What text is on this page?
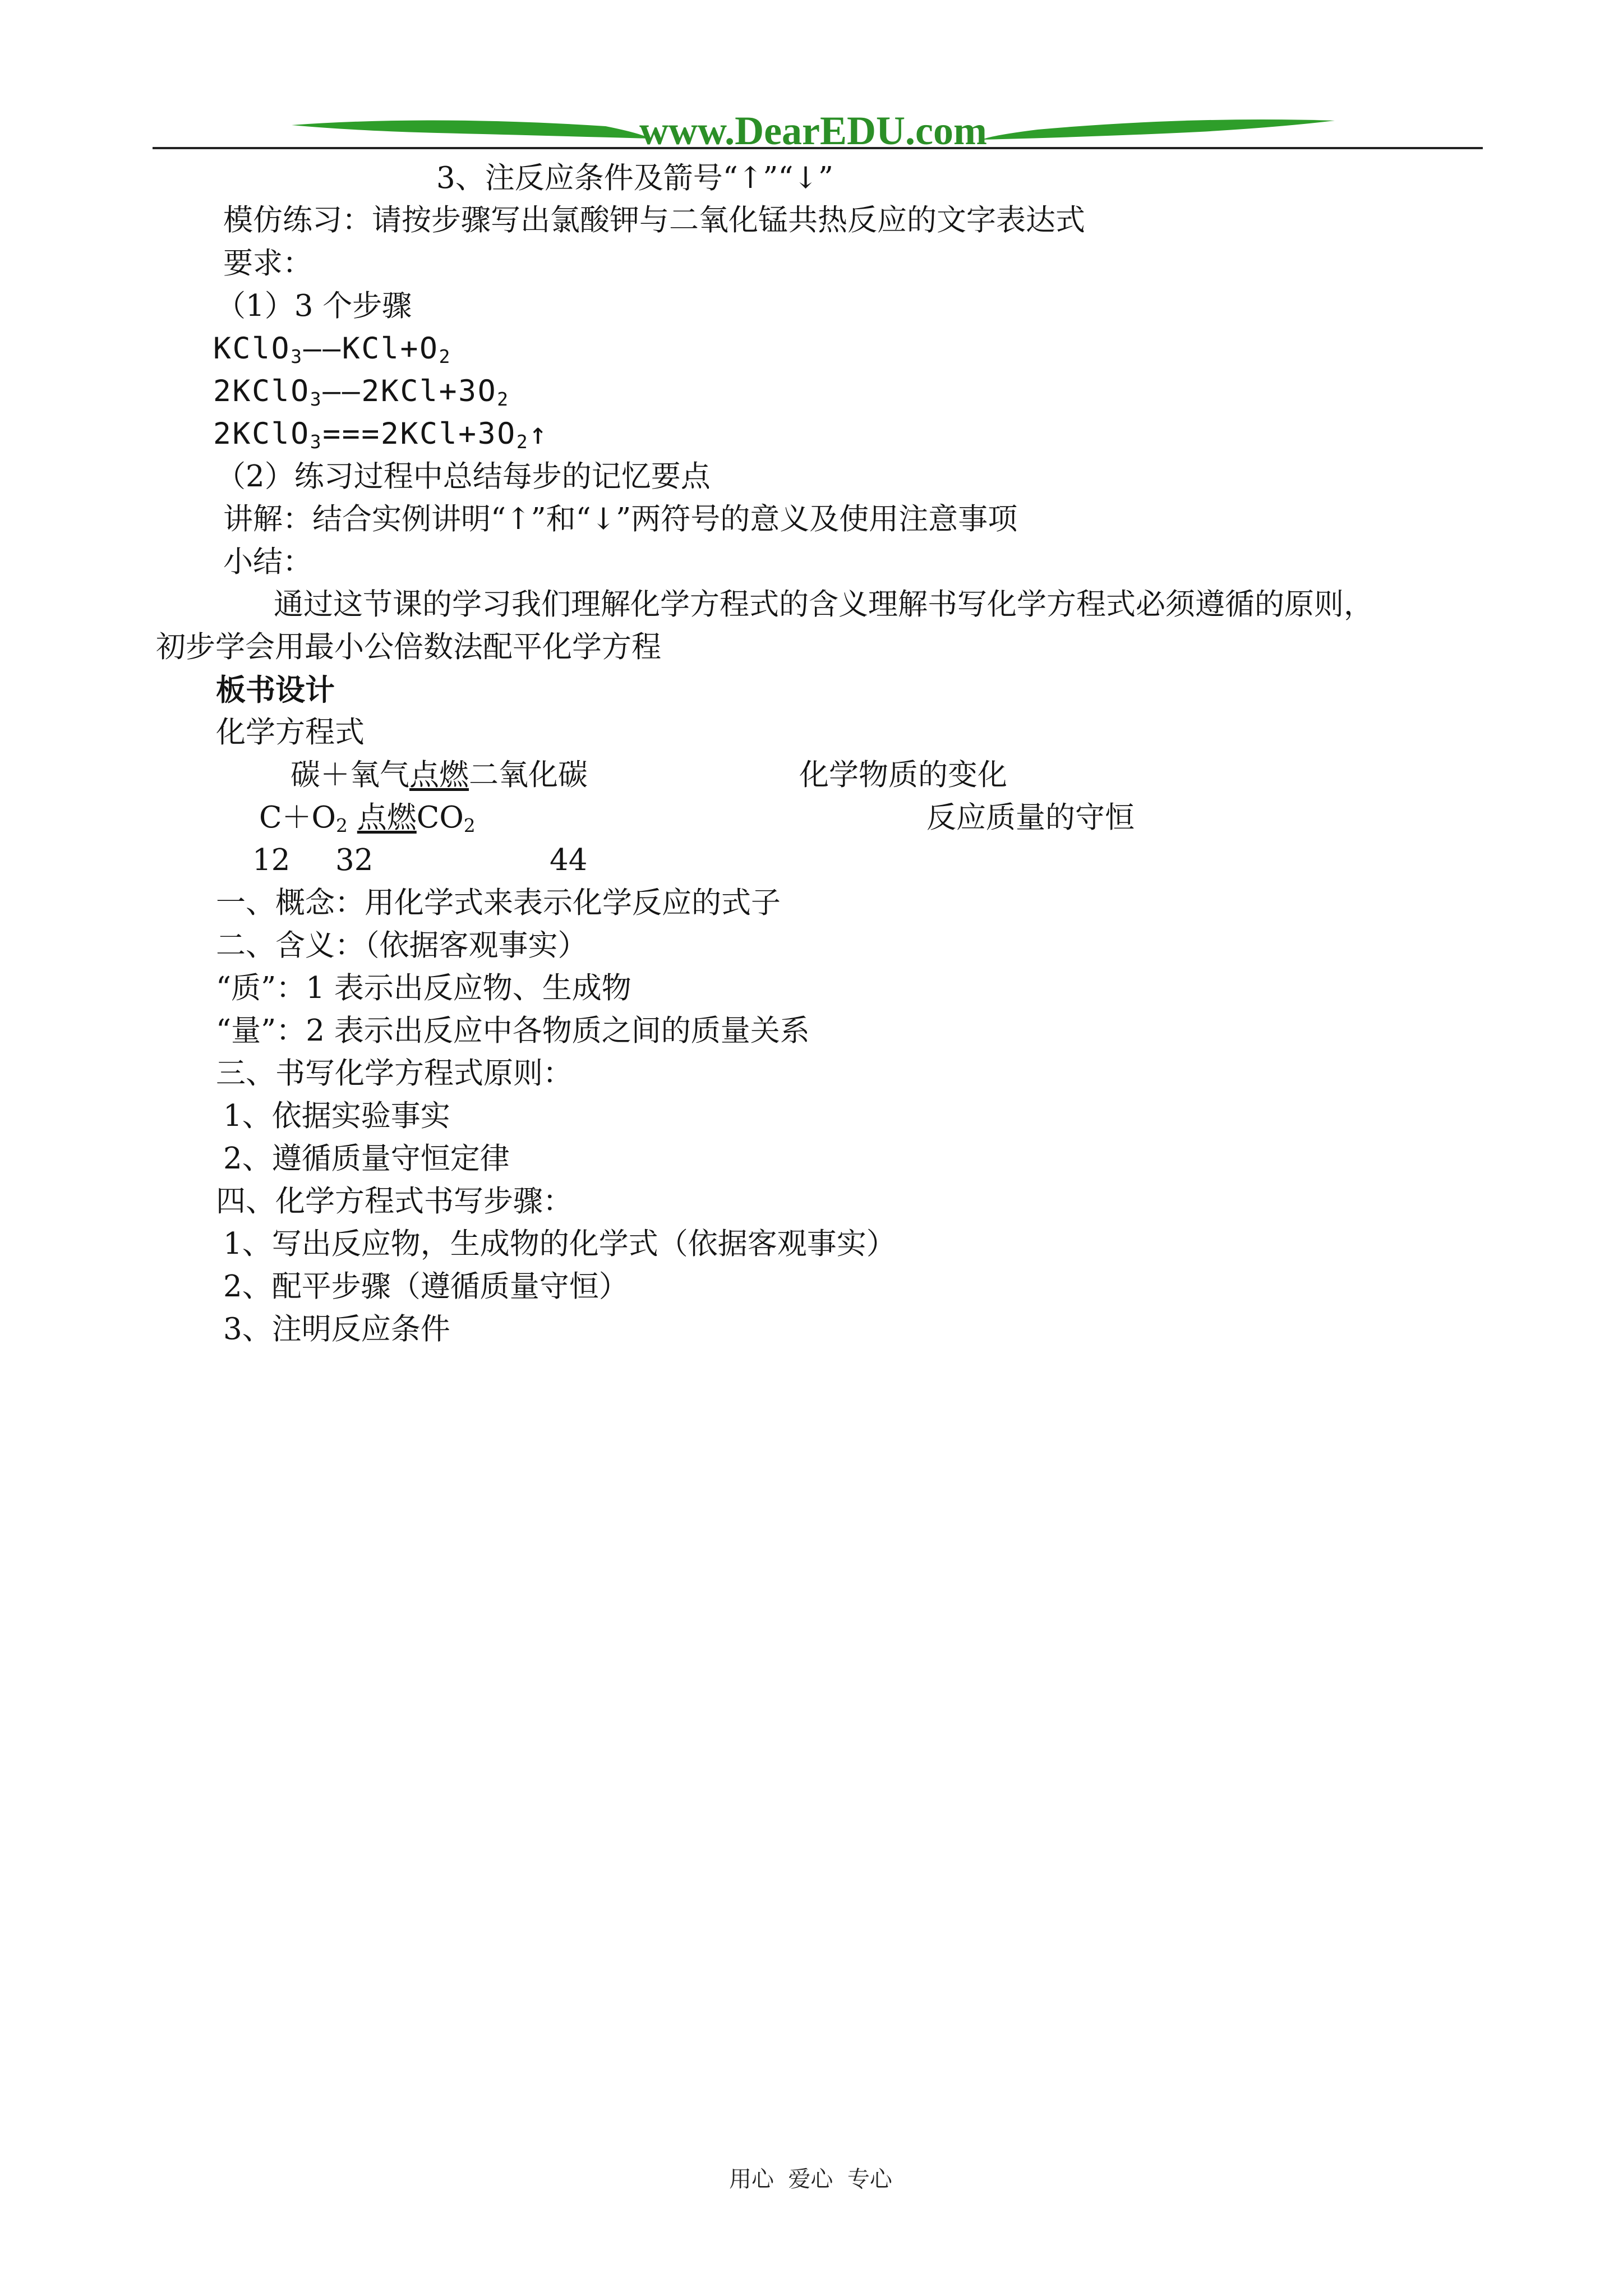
www.DearEDU.com
3、注反应条件及箭号“↑”“↓”
模仿练习：请按步骤写出氯酸钾与二氧化锰共热反应的文字表达式
要求：
（1）3 个步骤
$KClO_3——KCl+O_2$
$2KClO_3——2KCl+3O_2$
$2KClO_3===2KCl+3O_2↑$
（2）练习过程中总结每步的记忆要点
讲解：结合实例讲明“↑”和“↓”两符号的意义及使用注意事项
小结：
通过这节课的学习我们理解化学方程式的含义理解书写化学方程式必须遵循的原则，
初步学会用最小公倍数法配平化学方程
板书设计
化学方程式
碳＋氧气点燃二氧化碳	化学物质的变化
$C+O_2$ 点燃$CO_2$	反应质量的守恒
12 32	44
一、概念：用化学式来表示化学反应的式子
二、含义：（依据客观事实）
“质”：1 表示出反应物、生成物
“量”：2 表示出反应中各物质之间的质量关系
三、书写化学方程式原则：
1、依据实验事实
2、遵循质量守恒定律
四、化学方程式书写步骤：
1、写出反应物，生成物的化学式（依据客观事实）
2、配平步骤（遵循质量守恒）
3、注明反应条件
用心  爱心  专心
